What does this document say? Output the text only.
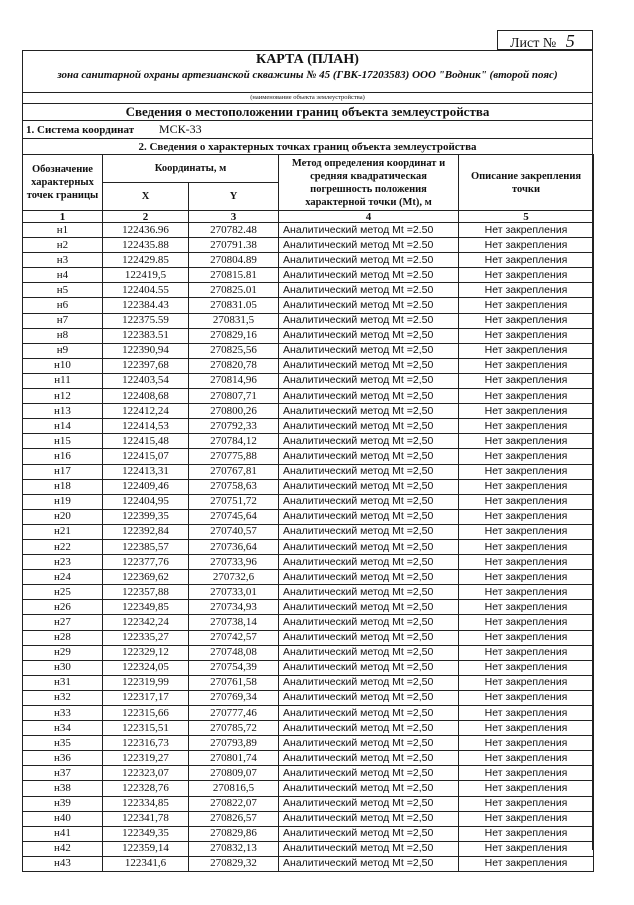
Лист № 5
КАРТА (ПЛАН)
зона санитарной охраны артезианской скважины № 45 (ГВК-17203583) ООО "Водник" (второй пояс)
(наименование объекта землеустройства)
Сведения о местоположении границ объекта землеустройства
1. Система координат МСК-33
2. Сведения о характерных точках границ объекта землеустройства
Обозначение характерных точек границы	Координаты, м		Метод определения координат и средняя квадратическая погрешность положения характерной точки (Mt), м	Описание закрепления точки
	X	Y		
1	2	3	4	5
н1	122436.96	270782.48	Аналитический метод Mt =2.50	Нет закрепления
н2	122435.88	270791.38	Аналитический метод Mt =2.50	Нет закрепления
н3	122429.85	270804.89	Аналитический метод Mt =2.50	Нет закрепления
н4	122419,5	270815.81	Аналитический метод Mt =2.50	Нет закрепления
н5	122404.55	270825.01	Аналитический метод Mt =2.50	Нет закрепления
н6	122384.43	270831.05	Аналитический метод Mt =2.50	Нет закрепления
н7	122375.59	270831,5	Аналитический метод Mt =2.50	Нет закрепления
н8	122383.51	270829,16	Аналитический метод Mt =2,50	Нет закрепления
н9	122390,94	270825,56	Аналитический метод Mt =2,50	Нет закрепления
н10	122397,68	270820,78	Аналитический метод Mt =2,50	Нет закрепления
н11	122403,54	270814,96	Аналитический метод Mt =2,50	Нет закрепления
н12	122408,68	270807,71	Аналитический метод Mt =2,50	Нет закрепления
н13	122412,24	270800,26	Аналитический метод Mt =2,50	Нет закрепления
н14	122414,53	270792,33	Аналитический метод Mt =2,50	Нет закрепления
н15	122415,48	270784,12	Аналитический метод Mt =2,50	Нет закрепления
н16	122415,07	270775,88	Аналитический метод Mt =2,50	Нет закрепления
н17	122413,31	270767,81	Аналитический метод Mt =2,50	Нет закрепления
н18	122409,46	270758,63	Аналитический метод Mt =2,50	Нет закрепления
н19	122404,95	270751,72	Аналитический метод Mt =2,50	Нет закрепления
н20	122399,35	270745,64	Аналитический метод Mt =2,50	Нет закрепления
н21	122392,84	270740,57	Аналитический метод Mt =2,50	Нет закрепления
н22	122385,57	270736,64	Аналитический метод Mt =2,50	Нет закрепления
н23	122377,76	270733,96	Аналитический метод Mt =2,50	Нет закрепления
н24	122369,62	270732,6	Аналитический метод Mt =2,50	Нет закрепления
н25	122357,88	270733,01	Аналитический метод Mt =2,50	Нет закрепления
н26	122349,85	270734,93	Аналитический метод Mt =2,50	Нет закрепления
н27	122342,24	270738,14	Аналитический метод Mt =2,50	Нет закрепления
н28	122335,27	270742,57	Аналитический метод Mt =2,50	Нет закрепления
н29	122329,12	270748,08	Аналитический метод Mt =2,50	Нет закрепления
н30	122324,05	270754,39	Аналитический метод Mt =2,50	Нет закрепления
н31	122319,99	270761,58	Аналитический метод Mt =2,50	Нет закрепления
н32	122317,17	270769,34	Аналитический метод Mt =2,50	Нет закрепления
н33	122315,66	270777,46	Аналитический метод Mt =2,50	Нет закрепления
н34	122315,51	270785,72	Аналитический метод Mt =2,50	Нет закрепления
н35	122316,73	270793,89	Аналитический метод Mt =2,50	Нет закрепления
н36	122319,27	270801,74	Аналитический метод Mt =2,50	Нет закрепления
н37	122323,07	270809,07	Аналитический метод Mt =2,50	Нет закрепления
н38	122328,76	270816,5	Аналитический метод Mt =2,50	Нет закрепления
н39	122334,85	270822,07	Аналитический метод Mt =2,50	Нет закрепления
н40	122341,78	270826,57	Аналитический метод Mt =2,50	Нет закрепления
н41	122349,35	270829,86	Аналитический метод Mt =2,50	Нет закрепления
н42	122359,14	270832,13	Аналитический метод Mt =2,50	Нет закрепления
н43	122341,6	270829,32	Аналитический метод Mt =2,50	Нет закрепления
